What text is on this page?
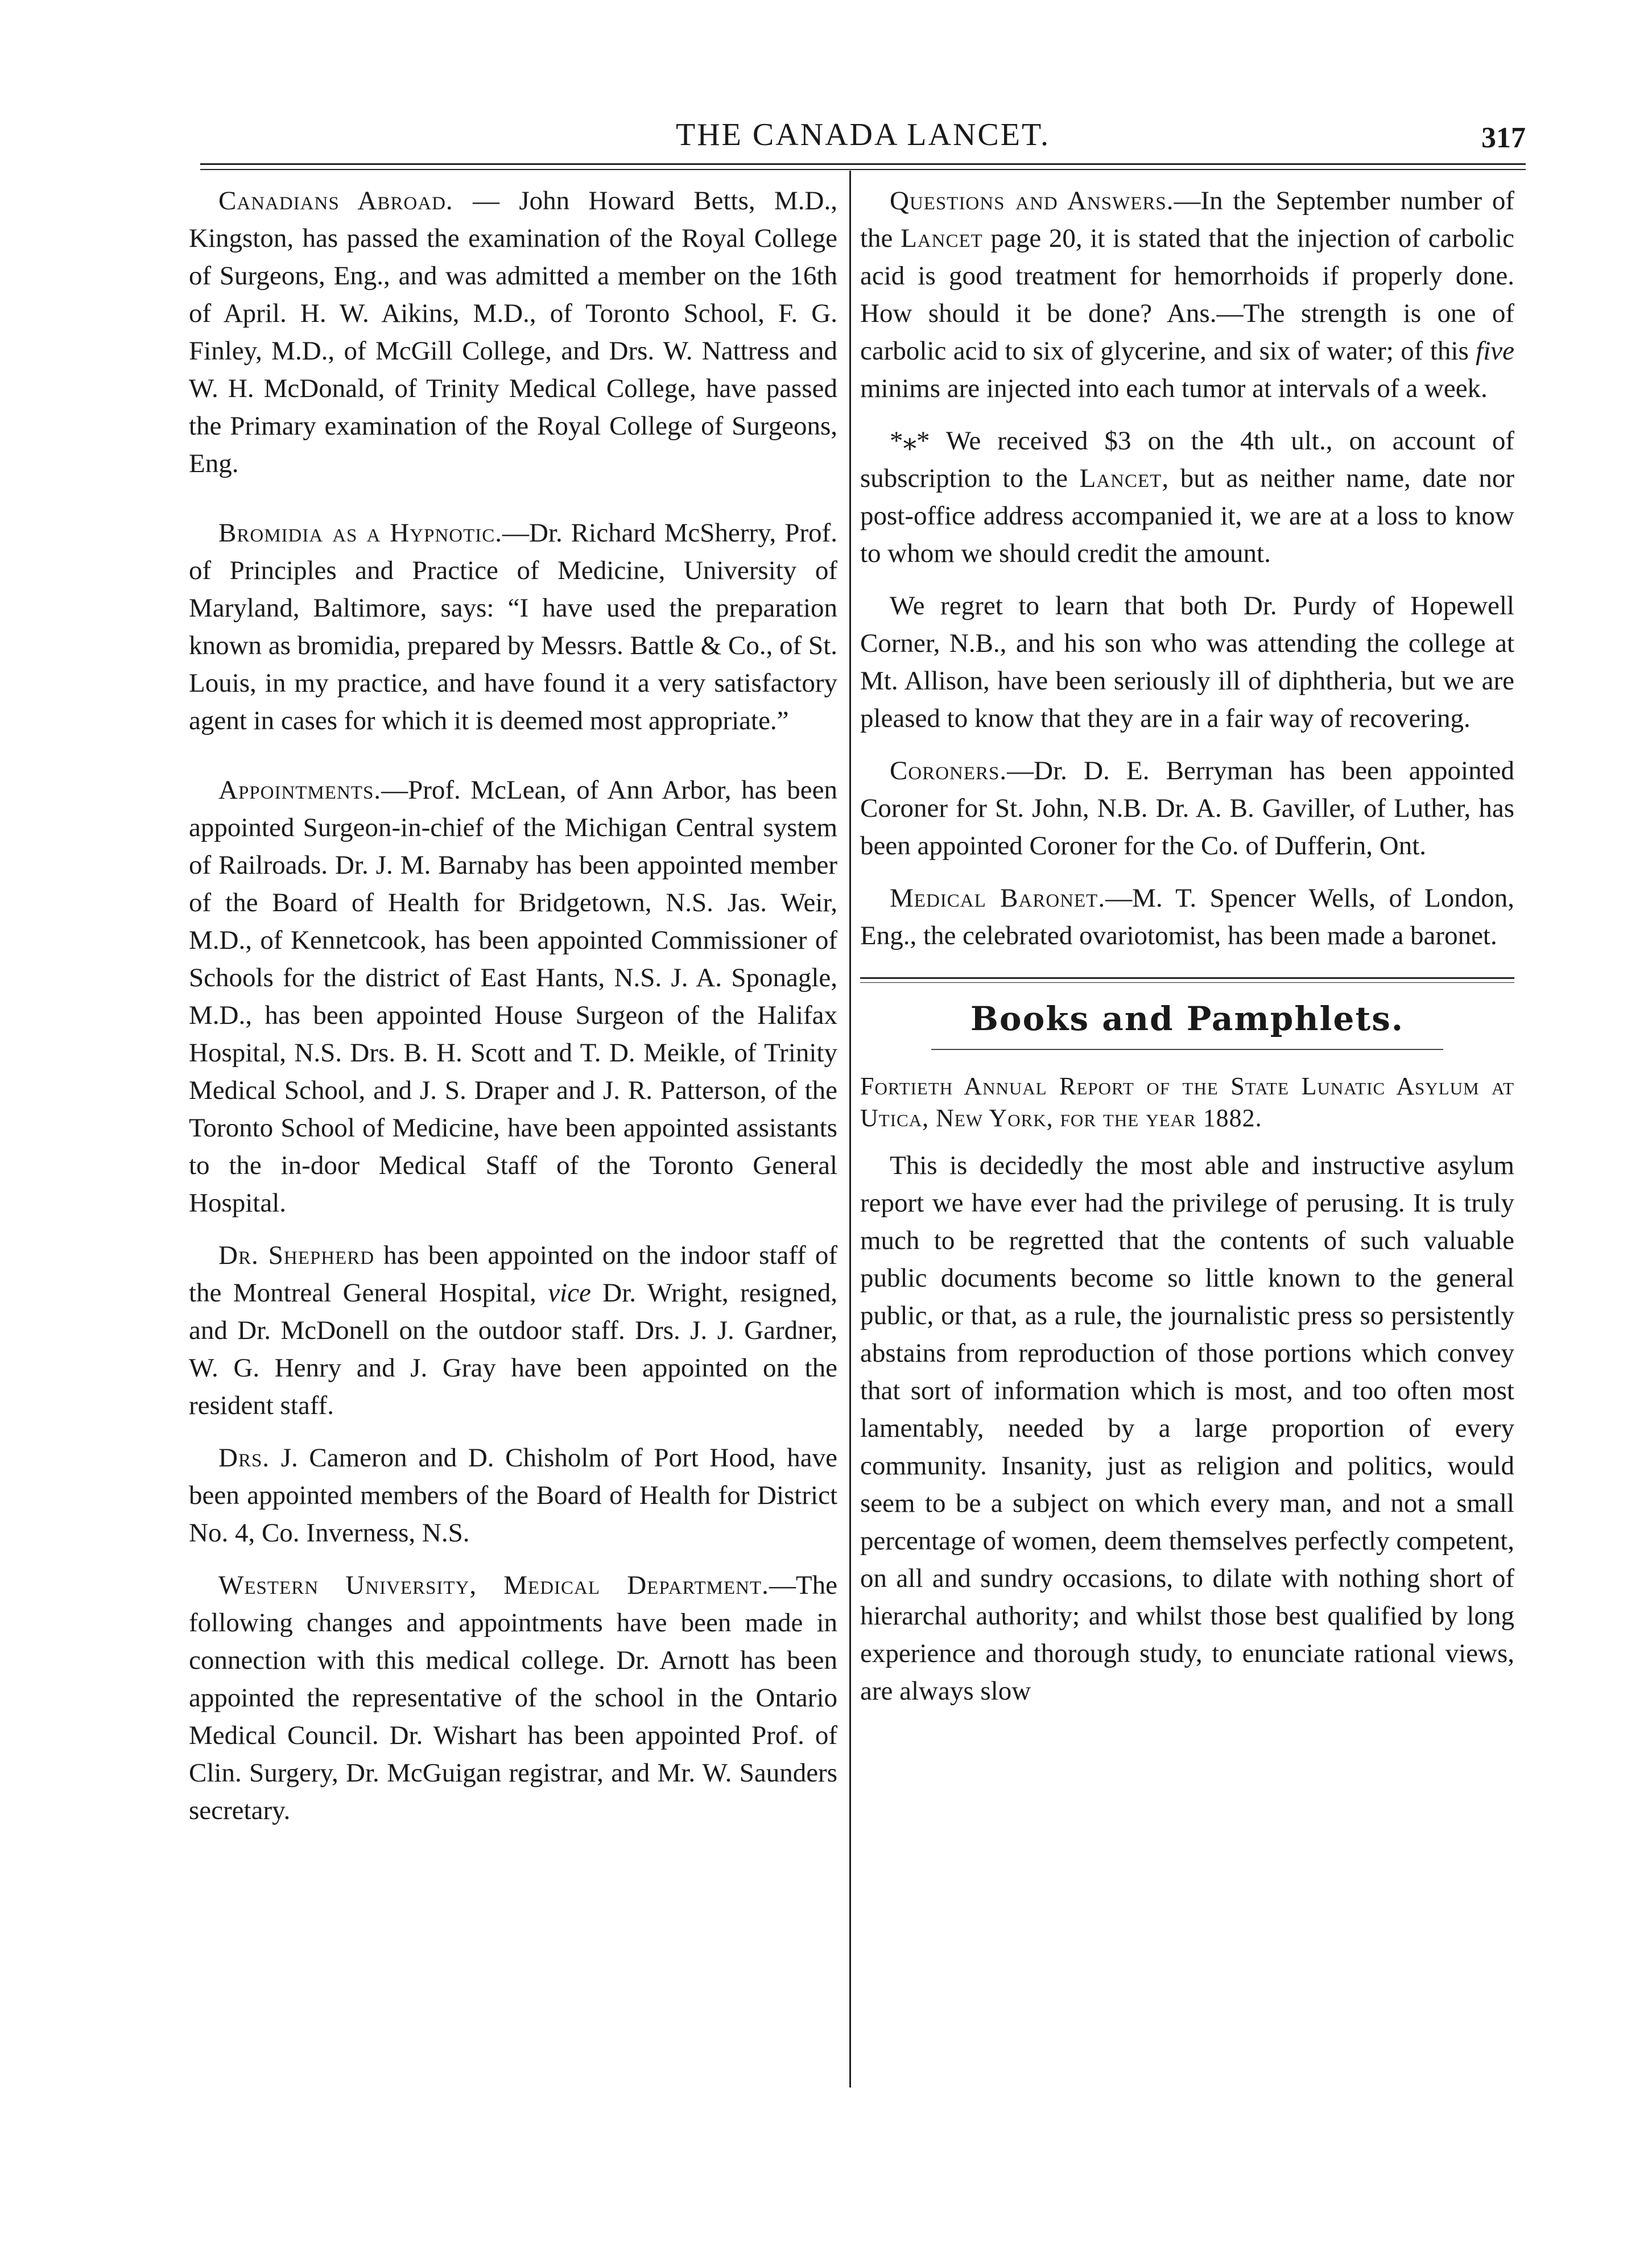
THE CANADA LANCET.	317

Canadians Abroad. — John Howard Betts, M.D., Kingston, has passed the examination of the Royal College of Surgeons, Eng., and was admitted a member on the 16th of April. H. W. Aikins, M.D., of Toronto School, F. G. Finley, M.D., of McGill College, and Drs. W. Nattress and W. H. McDonald, of Trinity Medical College, have passed the Primary examination of the Royal College of Surgeons, Eng.

Bromidia as a Hypnotic.—Dr. Richard McSherry, Prof. of Principles and Practice of Medicine, University of Maryland, Baltimore, says: “I have used the preparation known as bromidia, prepared by Messrs. Battle & Co., of St. Louis, in my practice, and have found it a very satisfactory agent in cases for which it is deemed most appropriate.”

Appointments.—Prof. McLean, of Ann Arbor, has been appointed Surgeon-in-chief of the Michigan Central system of Railroads. Dr. J. M. Barnaby has been appointed member of the Board of Health for Bridgetown, N.S. Jas. Weir, M.D., of Kennetcook, has been appointed Commissioner of Schools for the district of East Hants, N.S. J. A. Sponagle, M.D., has been appointed House Surgeon of the Halifax Hospital, N.S. Drs. B. H. Scott and T. D. Meikle, of Trinity Medical School, and J. S. Draper and J. R. Patterson, of the Toronto School of Medicine, have been appointed assistants to the in-door Medical Staff of the Toronto General Hospital.

Dr. Shepherd has been appointed on the indoor staff of the Montreal General Hospital, vice Dr. Wright, resigned, and Dr. McDonell on the outdoor staff. Drs. J. J. Gardner, W. G. Henry and J. Gray have been appointed on the resident staff.

Drs. J. Cameron and D. Chisholm of Port Hood, have been appointed members of the Board of Health for District No. 4, Co. Inverness, N.S.

Western University, Medical Department.—The following changes and appointments have been made in connection with this medical college. Dr. Arnott has been appointed the representative of the school in the Ontario Medical Council. Dr. Wishart has been appointed Prof. of Clin. Surgery, Dr. McGuigan registrar, and Mr. W. Saunders secretary.

Questions and Answers.—In the September number of the Lancet page 20, it is stated that the injection of carbolic acid is good treatment for hemorrhoids if properly done. How should it be done? Ans.—The strength is one of carbolic acid to six of glycerine, and six of water; of this five minims are injected into each tumor at intervals of a week.

*⁎* We received $3 on the 4th ult., on account of subscription to the Lancet, but as neither name, date nor post-office address accompanied it, we are at a loss to know to whom we should credit the amount.

We regret to learn that both Dr. Purdy of Hopewell Corner, N.B., and his son who was attending the college at Mt. Allison, have been seriously ill of diphtheria, but we are pleased to know that they are in a fair way of recovering.

Coroners.—Dr. D. E. Berryman has been appointed Coroner for St. John, N.B. Dr. A. B. Gaviller, of Luther, has been appointed Coroner for the Co. of Dufferin, Ont.

Medical Baronet.—M. T. Spencer Wells, of London, Eng., the celebrated ovariotomist, has been made a baronet.

Books and Pamphlets.

Fortieth Annual Report of the State Lunatic Asylum at Utica, New York, for the year 1882.

This is decidedly the most able and instructive asylum report we have ever had the privilege of perusing. It is truly much to be regretted that the contents of such valuable public documents become so little known to the general public, or that, as a rule, the journalistic press so persistently abstains from reproduction of those portions which convey that sort of information which is most, and too often most lamentably, needed by a large proportion of every community. Insanity, just as religion and politics, would seem to be a subject on which every man, and not a small percentage of women, deem themselves perfectly competent, on all and sundry occasions, to dilate with nothing short of hierarchal authority; and whilst those best qualified by long experience and thorough study, to enunciate rational views, are always slow
